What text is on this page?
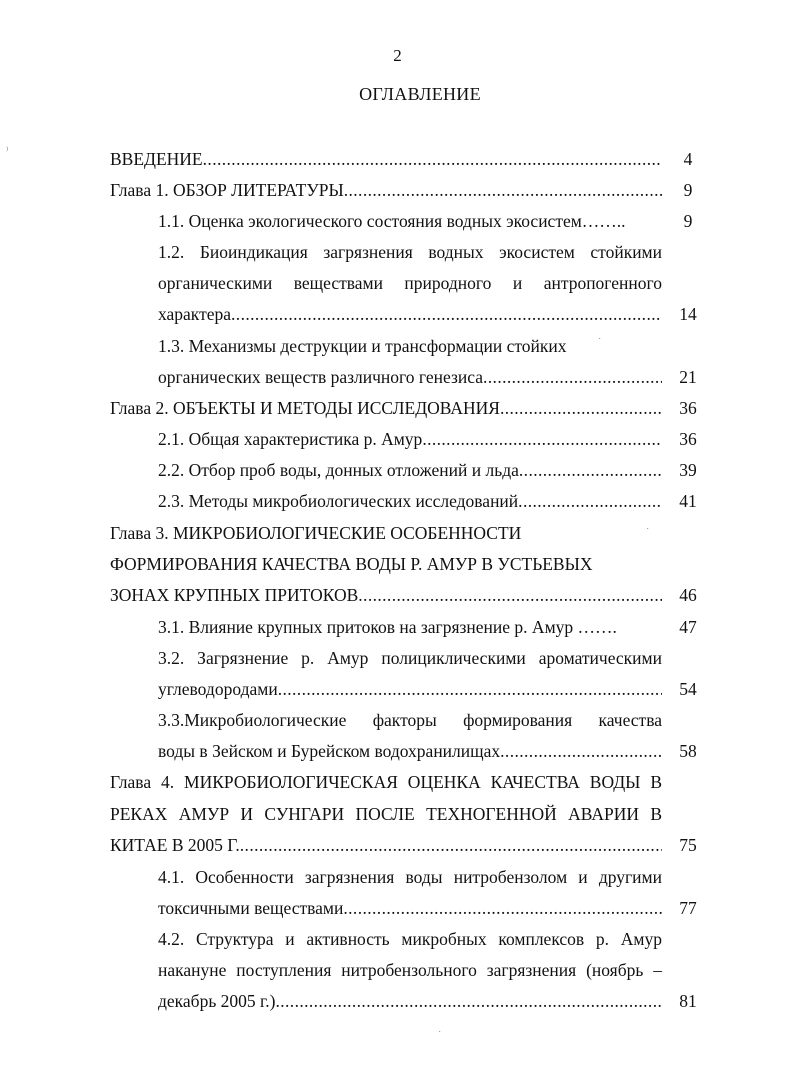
2
ОГЛАВЛЕНИЕ
ВВЕДЕНИЕ .....	4
Глава 1. ОБЗОР ЛИТЕРАТУРЫ .....	9
1.1. Оценка экологического состояния водных экосистем……..	9
1.2. Биоиндикация загрязнения водных экосистем стойкими
органическими веществами природного и антропогенного
характера .....	14
1.3. Механизмы деструкции и трансформации стойких
органических веществ различного генезиса .....	21
Глава 2. ОБЪЕКТЫ И МЕТОДЫ ИССЛЕДОВАНИЯ .....	36
2.1. Общая характеристика р. Амур .....	36
2.2. Отбор проб воды, донных отложений и льда .....	39
2.3. Методы микробиологических исследований .....	41
Глава 3. МИКРОБИОЛОГИЧЕСКИЕ ОСОБЕННОСТИ
ФОРМИРОВАНИЯ КАЧЕСТВА ВОДЫ Р. АМУР В УСТЬЕВЫХ
ЗОНАХ КРУПНЫХ ПРИТОКОВ .....	46
3.1. Влияние крупных притоков на загрязнение р. Амур …….	47
3.2. Загрязнение р. Амур полициклическими ароматическими
углеводородами .....	54
3.3.Микробиологические факторы формирования качества
воды в Зейском и Бурейском водохранилищах .....	58
Глава 4. МИКРОБИОЛОГИЧЕСКАЯ ОЦЕНКА КАЧЕСТВА ВОДЫ В
РЕКАХ АМУР И СУНГАРИ ПОСЛЕ ТЕХНОГЕННОЙ АВАРИИ В
КИТАЕ В 2005 Г. .....	75
4.1. Особенности загрязнения воды нитробензолом и другими
токсичными веществами .....	77
4.2. Структура и активность микробных комплексов р. Амур
накануне поступления нитробензольного загрязнения (ноябрь –
декабрь 2005 г.) .....	81
⁾
˙
˙
˙
